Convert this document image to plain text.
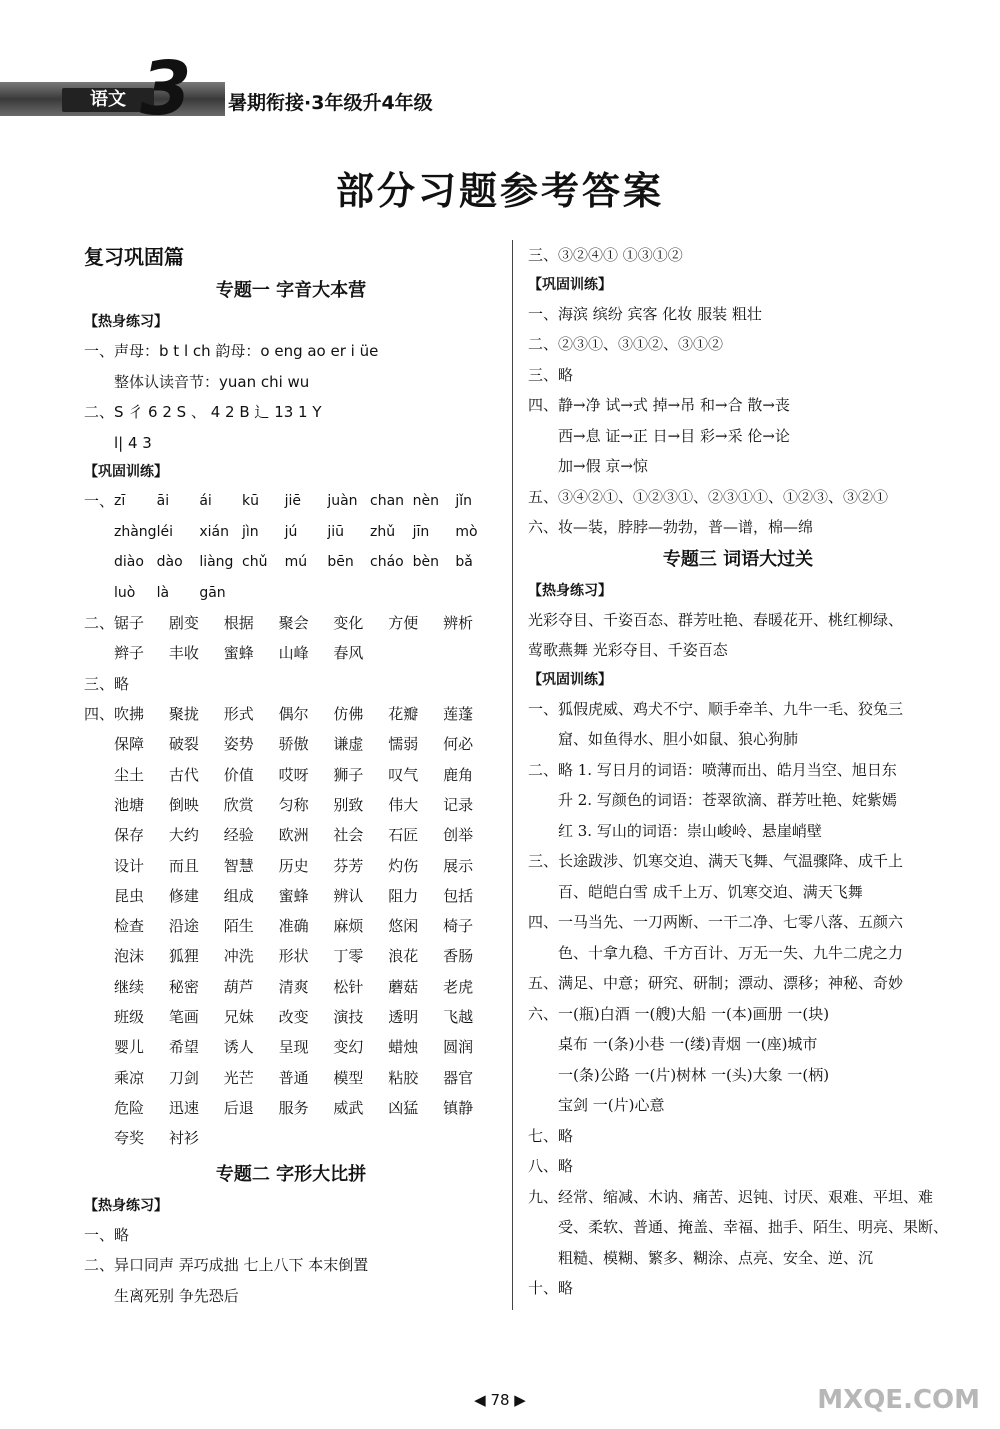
语文 3 暑期衔接·3年级升4年级
部分习题参考答案
复习巩固篇
专题一 字音大本营
【热身练习】
一、声母：b t l ch 韵母：o eng ao er i üe
整体认读音节：yuan chi wu
二、S 彳 6 2 S 、 4 2 B 辶 13 1 Y
l| 4 3
【巩固训练】
一、 zī	āi	ái	kū	jiē	juàn chan nèn	jǐn
zhàng léi	xián jìn	jú	jiū	zhǔ	jīn	mò
diào dào	liàng chǔ	mú	bēn	cháo bèn	bǎ
luò	là	gān
二、 锯子	剧变	根据	聚会	变化	方便	辨析
辫子	丰收	蜜蜂	山峰	春风
三、略
四、 吹拂	聚拢	形式	偶尔	仿佛	花瓣	莲蓬
保障	破裂	姿势	骄傲	谦虚	懦弱	何必
尘土	古代	价值	哎呀	狮子	叹气	鹿角
池塘	倒映	欣赏	匀称	别致	伟大	记录
保存	大约	经验	欧洲	社会	石匠	创举
设计	而且	智慧	历史	芬芳	灼伤	展示
昆虫	修建	组成	蜜蜂	辨认	阻力	包括
检查	沿途	陌生	准确	麻烦	悠闲	椅子
泡沫	狐狸	冲洗	形状	丁零	浪花	香肠
继续	秘密	葫芦	清爽	松针	蘑菇	老虎
班级	笔画	兄妹	改变	演技	透明	飞越
婴儿	希望	诱人	呈现	变幻	蜡烛	圆润
乘凉	刀剑	光芒	普通	模型	粘胶	器官
危险	迅速	后退	服务	威武	凶猛	镇静
夸奖	衬衫
专题二 字形大比拼
【热身练习】
一、略
二、异口同声 弄巧成拙 七上八下 本末倒置
生离死别 争先恐后
三、③②④① ①③①②
【巩固训练】
一、海滨 缤纷 宾客 化妆 服装 粗壮
二、②③①、③①②、③①②
三、略
四、静→净 试→式 掉→吊 和→合 散→丧
西→息 证→正 日→目 彩→采 伦→论
加→假 京→惊
五、③④②①、①②③①、②③①①、①②③、③②①
六、妆—装，脖脖—勃勃，普—谱，棉—绵
专题三 词语大过关
【热身练习】
光彩夺目、千姿百态、群芳吐艳、春暖花开、桃红柳绿、
莺歌燕舞 光彩夺目、千姿百态
【巩固训练】
一、狐假虎威、鸡犬不宁、顺手牵羊、九牛一毛、狡兔三
窟、如鱼得水、胆小如鼠、狼心狗肺
二、略 1. 写日月的词语：喷薄而出、皓月当空、旭日东
升 2. 写颜色的词语：苍翠欲滴、群芳吐艳、姹紫嫣
红 3. 写山的词语：崇山峻岭、悬崖峭壁
三、长途跋涉、饥寒交迫、满天飞舞、气温骤降、成千上
百、皑皑白雪 成千上万、饥寒交迫、满天飞舞
四、一马当先、一刀两断、一干二净、七零八落、五颜六
色、十拿九稳、千方百计、万无一失、九牛二虎之力
五、满足、中意；研究、研制；漂动、漂移；神秘、奇妙
六、一(瓶)白酒 一(艘)大船 一(本)画册 一(块)
桌布 一(条)小巷 一(缕)青烟 一(座)城市
一(条)公路 一(片)树林 一(头)大象 一(柄)
宝剑 一(片)心意
七、略
八、略
九、经常、缩减、木讷、痛苦、迟钝、讨厌、艰难、平坦、难
受、柔软、普通、掩盖、幸福、拙手、陌生、明亮、果断、
粗糙、模糊、繁多、糊涂、点亮、安全、逆、沉
十、略
◀ 78 ▶	MXQE.COM
